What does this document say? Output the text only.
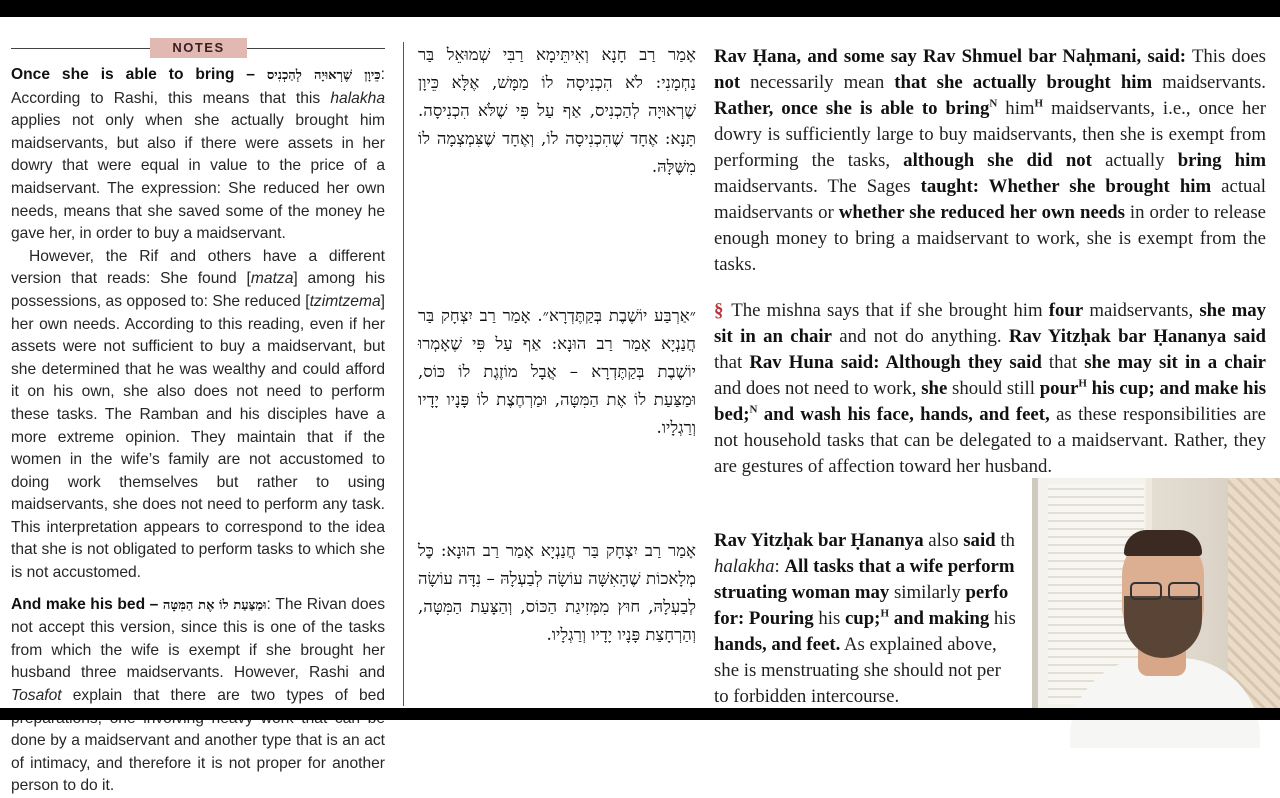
NOTES

Once she is able to bring – כֵּיוָן שֶׁרְאוּיָה לְהַכְנִיס: According to Rashi, this means that this halakha applies not only when she actually brought him maidservants, but also if there were assets in her dowry that were equal in value to the price of a maidservant. The expression: She reduced her own needs, means that she saved some of the money he gave her, in order to buy a maidservant.

However, the Rif and others have a different version that reads: She found [matza] among his possessions, as opposed to: She reduced [tzimtzema] her own needs. According to this reading, even if her assets were not sufficient to buy a maidservant, but she determined that he was wealthy and could afford it on his own, she also does not need to perform these tasks. The Ramban and his disciples have a more extreme opinion. They maintain that if the women in the wife’s family are not accustomed to doing work themselves but rather to using maidservants, she does not need to perform any task. This interpretation appears to correspond to the idea that she is not obligated to perform tasks to which she is not accustomed.

And make his bed – וּמַצַּעַת לוֹ אֶת הַמִּטָּה: The Rivan does not accept this version, since this is one of the tasks from which the wife is exempt if she brought her husband three maidservants. However, Rashi and Tosafot explain that there are two types of bed done by a maidservant and another type that is an act of intimacy, and therefore it is not proper for another person to do it.

אָמַר רַב חָנָא וְאִיתֵּימָא רַבִּי שְׁמוּאֵל בַּר נַחְמָנִי: לֹא הִכְנִיסָה לוֹ מַמָּשׁ, אֶלָּא כֵּיוָן שֶׁרְאוּיָה לְהַכְנִיס, אַף עַל פִּי שֶׁלֹּא הִכְנִיסָה. תָּנָא: אֶחָד שֶׁהִכְנִיסָה לוֹ, וְאֶחָד שֶׁצִּמְצְמָה לוֹ מִשֶּׁלָּהּ.

״אַרְבַּע יוֹשֶׁבֶת בְּקַתֶּדְרָא״. אָמַר רַב יִצְחָק בַּר חֲנַנְיָא אָמַר רַב הוּנָא: אַף עַל פִּי שֶׁאָמְרוּ יוֹשֶׁבֶת בְּקַתֶּדְרָא – אֲבָל מוֹזֶגֶת לוֹ כּוֹס, וּמַצַּעַת לוֹ אֶת הַמִּטָּה, וּמַרְחֶצֶת לוֹ פָּנָיו יָדָיו וְרַגְלָיו.

אָמַר רַב יִצְחָק בַּר חֲנַנְיָא אָמַר רַב הוּנָא: כׇּל מְלָאכוֹת שֶׁהָאִשָּׁה עוֹשָׂה לְבַעְלָהּ – נִדָּה עוֹשָׂה לְבַעְלָהּ, חוּץ מִמְּזִיגַת הַכּוֹס, וְהַצָּעַת הַמִּטָּה, וְהַרְחָצַת פָּנָיו יָדָיו וְרַגְלָיו.

Rav Ḥana, and some say Rav Shmuel bar Naḥmani, said: This does not necessarily mean that she actually brought him maidservants. Rather, once she is able to bring$^N$ him$^H$ maidservants, i.e., once her dowry is sufficiently large to buy maidservants, then she is exempt from performing the tasks, although she did not actually bring him maidservants. The Sages taught: Whether she brought him actual maidservants or whether she reduced her own needs in order to release enough money to bring a maidservant to work, she is exempt from the tasks.

§ The mishna says that if she brought him four maidservants, she may sit in an chair and not do anything. Rav Yitzḥak bar Ḥananya said that Rav Huna said: Although they said that she may sit in a chair and does not need to work, she should still pour$^H$ his cup; and make his bed;$^N$ and wash his face, hands, and feet, as these responsibilities are not household tasks that can be delegated to a maidservant. Rather, they are gestures of affection toward her husband.

Rav Yitzḥak bar Ḥananya also said th
halakha: All tasks that a wife perform
struating woman may similarly perfo
for: Pouring his cup;$^H$ and making his
hands, and feet. As explained above,
she is menstruating she should not per
to forbidden intercourse.
